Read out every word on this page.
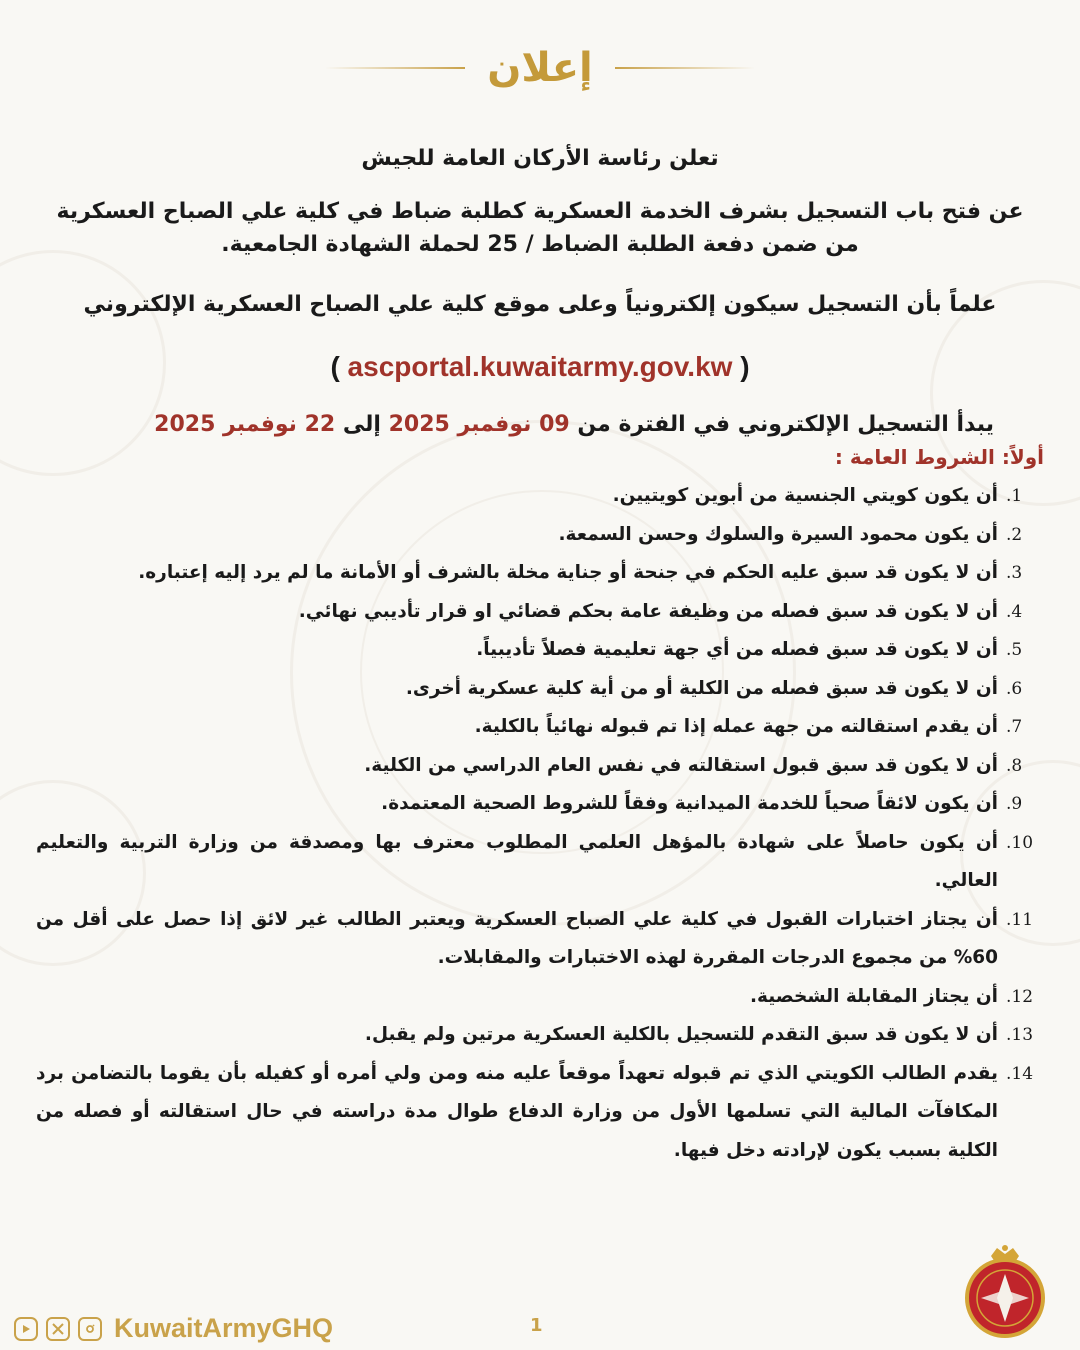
إعلان

تعلن رئاسة الأركان العامة للجيش

عن فتح باب التسجيل بشرف الخدمة العسكرية كطلبة ضباط في كلية علي الصباح العسكرية من ضمن دفعة الطلبة الضباط / 25 لحملة الشهادة الجامعية.

علماً بأن التسجيل سيكون إلكترونياً وعلى موقع كلية علي الصباح العسكرية الإلكتروني

( ascportal.kuwaitarmy.gov.kw )
يبدأ التسجيل الإلكتروني في الفترة من 09 نوفمبر 2025 إلى 22 نوفمبر 2025
أولاً: الشروط العامة :
.1
أن يكون كويتي الجنسية من أبوين كويتيين.
.2
أن يكون محمود السيرة والسلوك وحسن السمعة.
.3
أن لا يكون قد سبق عليه الحكم في جنحة أو جناية مخلة بالشرف أو الأمانة ما لم يرد إليه إعتباره.
.4
أن لا يكون قد سبق فصله من وظيفة عامة بحكم قضائي او قرار تأديبي نهائي.
.5
أن لا يكون قد سبق فصله من أي جهة تعليمية فصلاً تأديبياً.
.6
أن لا يكون قد سبق فصله من الكلية أو من أية كلية عسكرية أخرى.
.7
أن يقدم استقالته من جهة عمله إذا تم قبوله نهائياً بالكلية.
.8
أن لا يكون قد سبق قبول استقالته في نفس العام الدراسي من الكلية.
.9
أن يكون لائقاً صحياً للخدمة الميدانية وفقاً للشروط الصحية المعتمدة.
.10
أن يكون حاصلاً على شهادة بالمؤهل العلمي المطلوب معترف بها ومصدقة من وزارة التربية والتعليم العالي.
.11
أن يجتاز اختبارات القبول في كلية علي الصباح العسكرية ويعتبر الطالب غير لائق إذا حصل على أقل من 60% من مجموع الدرجات المقررة لهذه الاختبارات والمقابلات.
.12
أن يجتاز المقابلة الشخصية.
.13
أن لا يكون قد سبق التقدم للتسجيل بالكلية العسكرية مرتين ولم يقبل.
.14
يقدم الطالب الكويتي الذي تم قبوله تعهداً موقعاً عليه منه ومن ولي أمره أو كفيله بأن يقوما بالتضامن برد المكافآت المالية التي تسلمها الأول من وزارة الدفاع طوال مدة دراسته في حال استقالته أو فصله من الكلية بسبب يكون لإرادته دخل فيها.
KuwaitArmyGHQ	1
